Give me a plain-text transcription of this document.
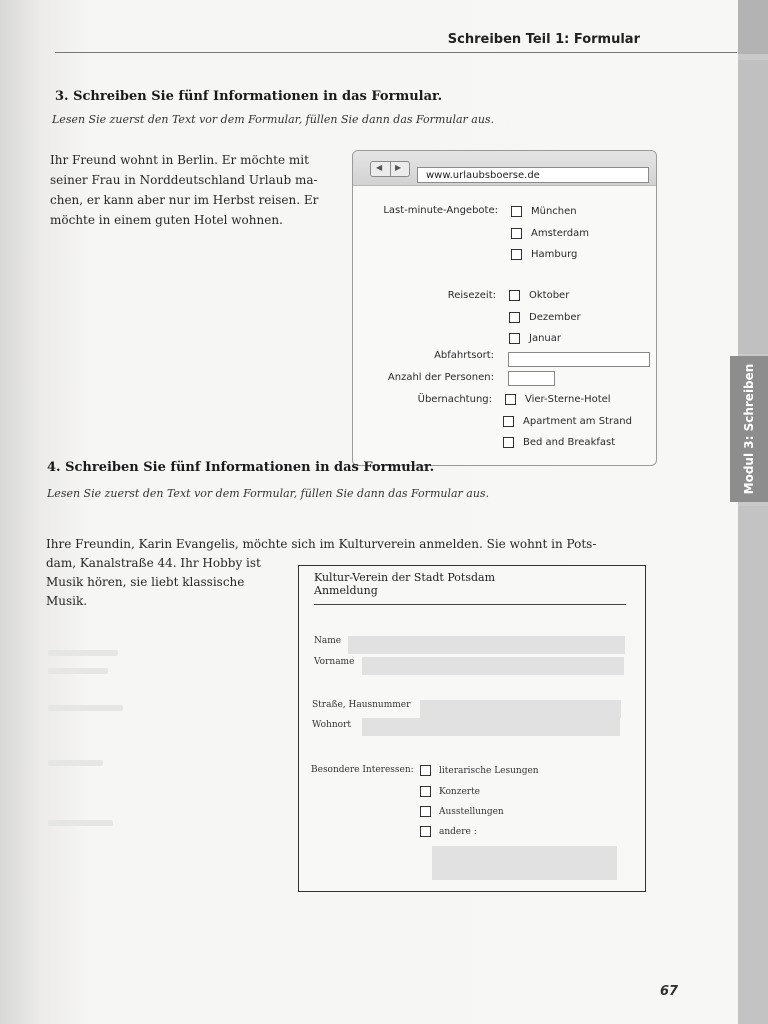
Schreiben Teil 1: Formular
3. Schreiben Sie fünf Informationen in das Formular.
Lesen Sie zuerst den Text vor dem Formular, füllen Sie dann das Formular aus.
Ihr Freund wohnt in Berlin. Er möchte mit
seiner Frau in Norddeutschland Urlaub ma-
chen, er kann aber nur im Herbst reisen. Er
möchte in einem guten Hotel wohnen.
◀ ▶
www.urlaubsboerse.de
Last-minute-Angebote:	München
Amsterdam
Hamburg
Reisezeit:	Oktober
Dezember
Januar
Abfahrtsort:
Anzahl der Personen:
Übernachtung:	Vier-Sterne-Hotel
Apartment am Strand
Bed and Breakfast
4. Schreiben Sie fünf Informationen in das Formular.
Lesen Sie zuerst den Text vor dem Formular, füllen Sie dann das Formular aus.
Ihre Freundin, Karin Evangelis, möchte sich im Kulturverein anmelden. Sie wohnt in Pots-
dam, Kanalstraße 44. Ihr Hobby ist
Musik hören, sie liebt klassische
Musik.
Kultur-Verein der Stadt Potsdam
Anmeldung
Name
Vorname
Straße, Hausnummer
Wohnort
Besondere Interessen:	literarische Lesungen
Konzerte
Ausstellungen
andere :
67
Modul 3: Schreiben
